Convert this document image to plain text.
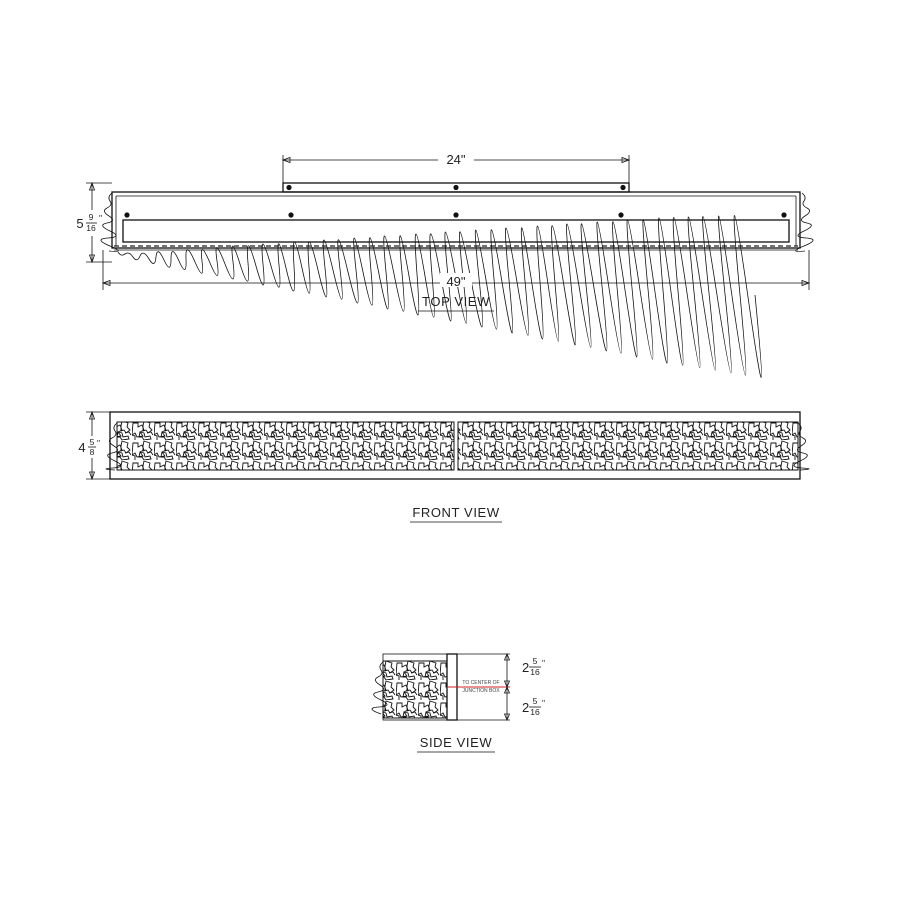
24"
49"
5 9
16
"
TOP VIEW
4 5
8
"
FRONT VIEW
TO CENTER OF
JUNCTION BOX
2 5
16
"
2 5
16
"
SIDE VIEW
